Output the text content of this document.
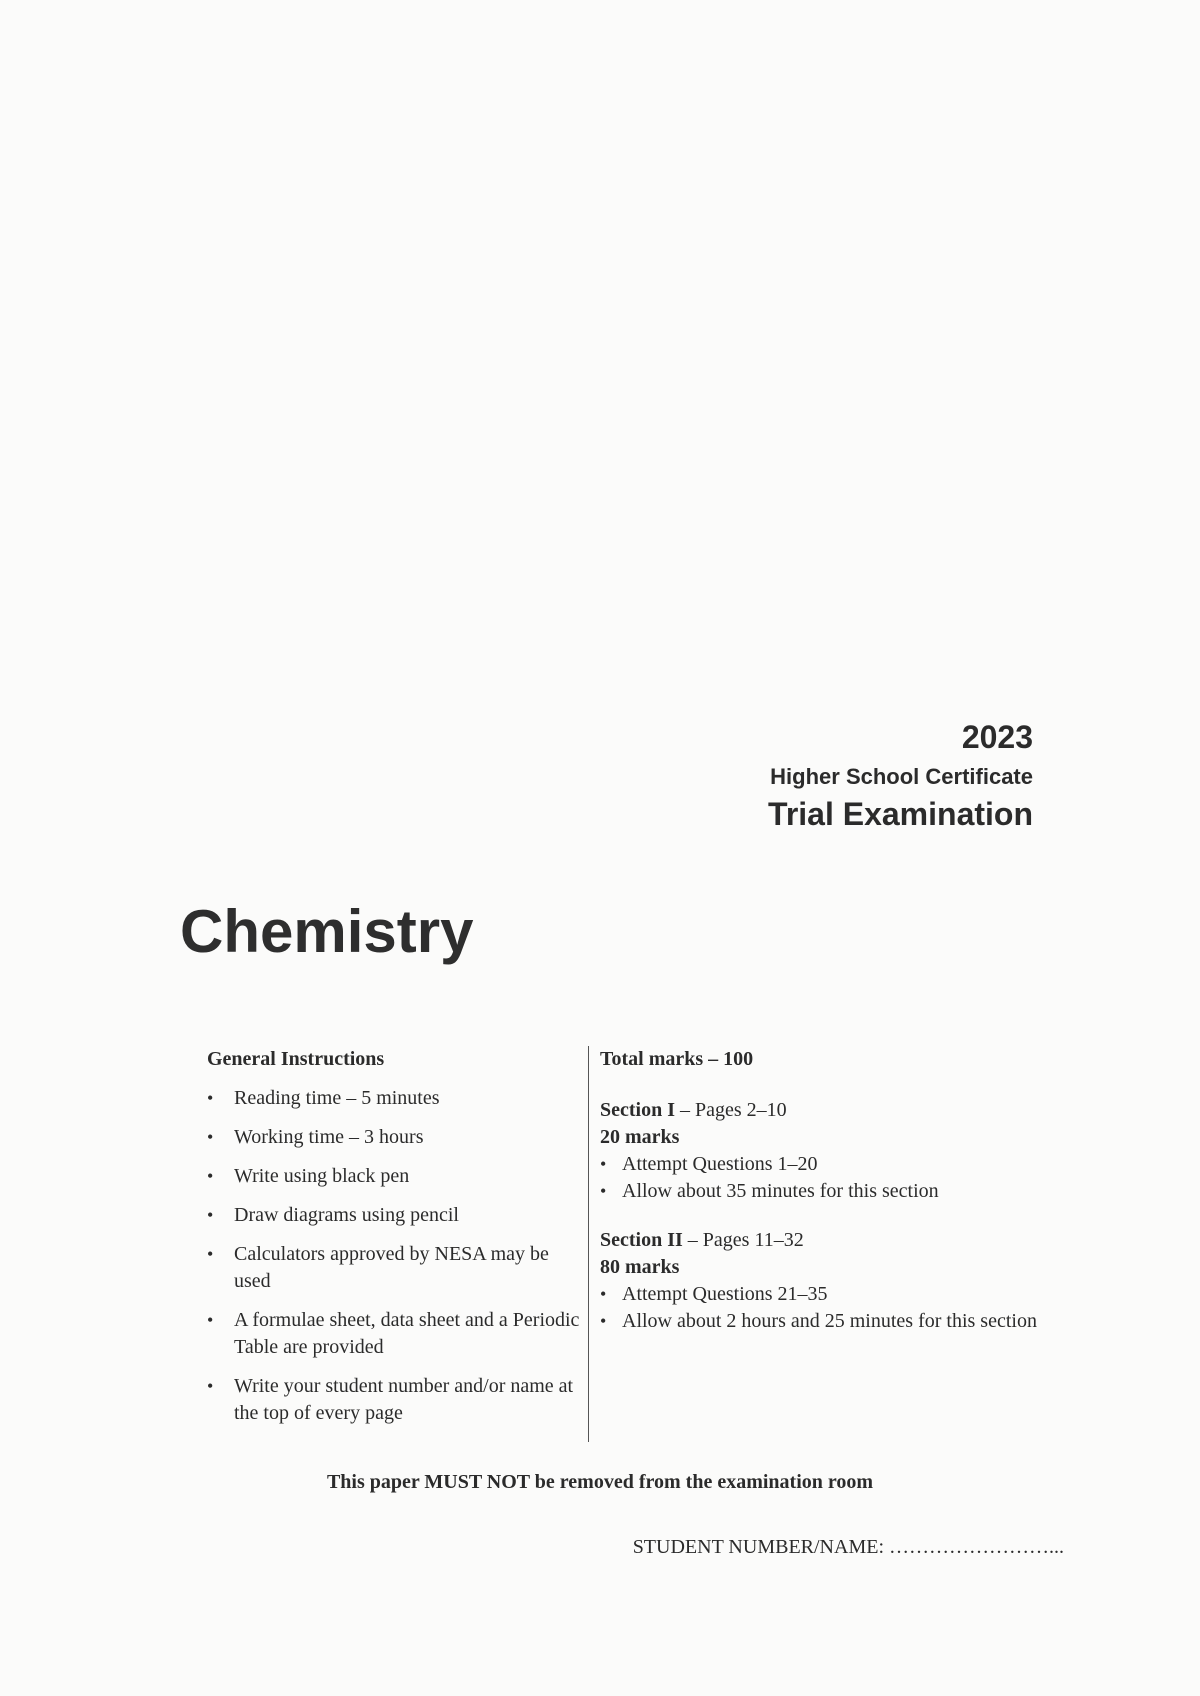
2023
Higher School Certificate
Trial Examination
Chemistry
General Instructions
• Reading time – 5 minutes
• Working time – 3 hours
• Write using black pen
• Draw diagrams using pencil
• Calculators approved by NESA may be used
• A formulae sheet, data sheet and a Periodic Table are provided
• Write your student number and/or name at the top of every page
Total marks – 100
Section I – Pages 2–10
20 marks
• Attempt Questions 1–20
• Allow about 35 minutes for this section
Section II – Pages 11–32
80 marks
• Attempt Questions 21–35
• Allow about 2 hours and 25 minutes for this section
This paper MUST NOT be removed from the examination room
STUDENT NUMBER/NAME: ……………………...
